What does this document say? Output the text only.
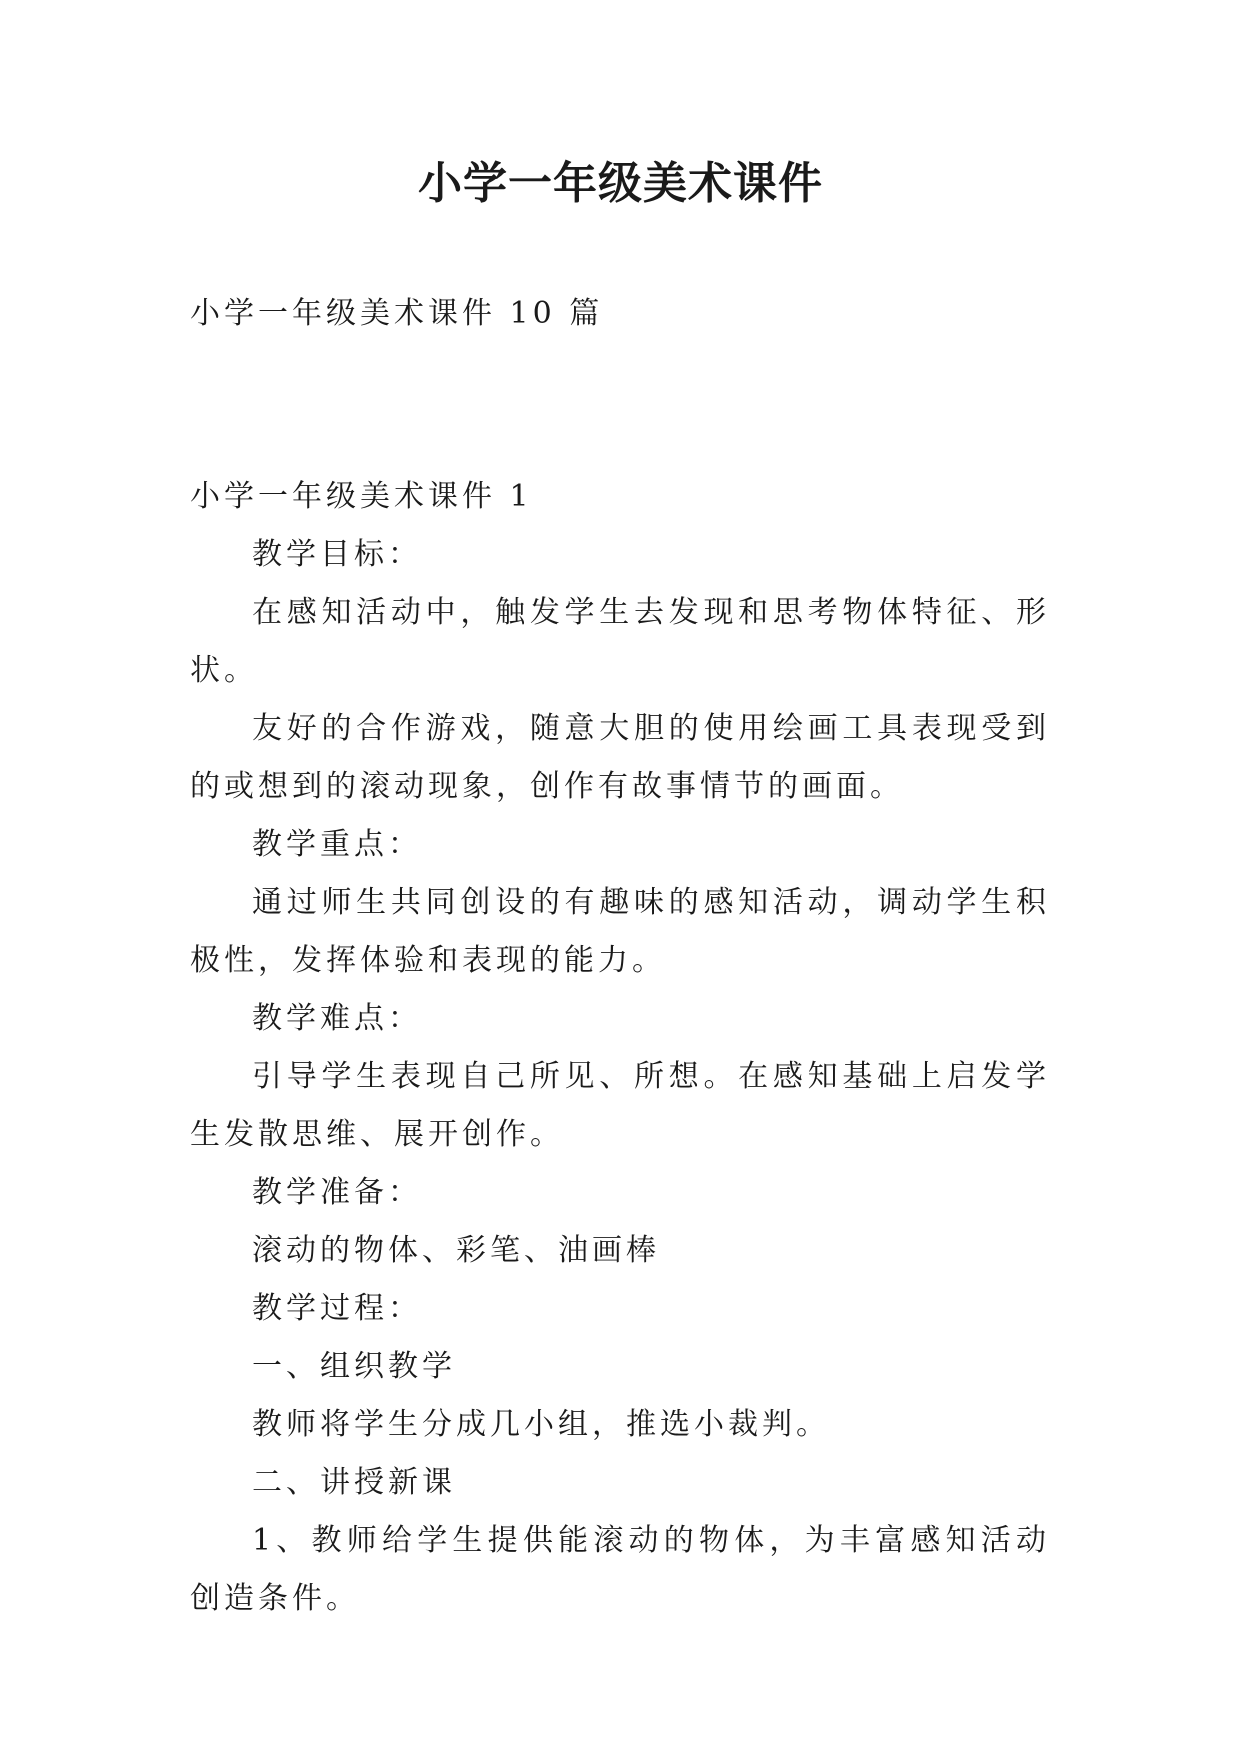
小学一年级美术课件
小学一年级美术课件 10 篇

小学一年级美术课件 1

教学目标：

在感知活动中，触发学生去发现和思考物体特征、形状。

友好的合作游戏，随意大胆的使用绘画工具表现受到的或想到的滚动现象，创作有故事情节的画面。

教学重点：

通过师生共同创设的有趣味的感知活动，调动学生积极性，发挥体验和表现的能力。

教学难点：

引导学生表现自己所见、所想。在感知基础上启发学生发散思维、展开创作。

教学准备：

滚动的物体、彩笔、油画棒

教学过程：

一、组织教学

教师将学生分成几小组，推选小裁判。

二、讲授新课

1、教师给学生提供能滚动的物体，为丰富感知活动创造条件。
